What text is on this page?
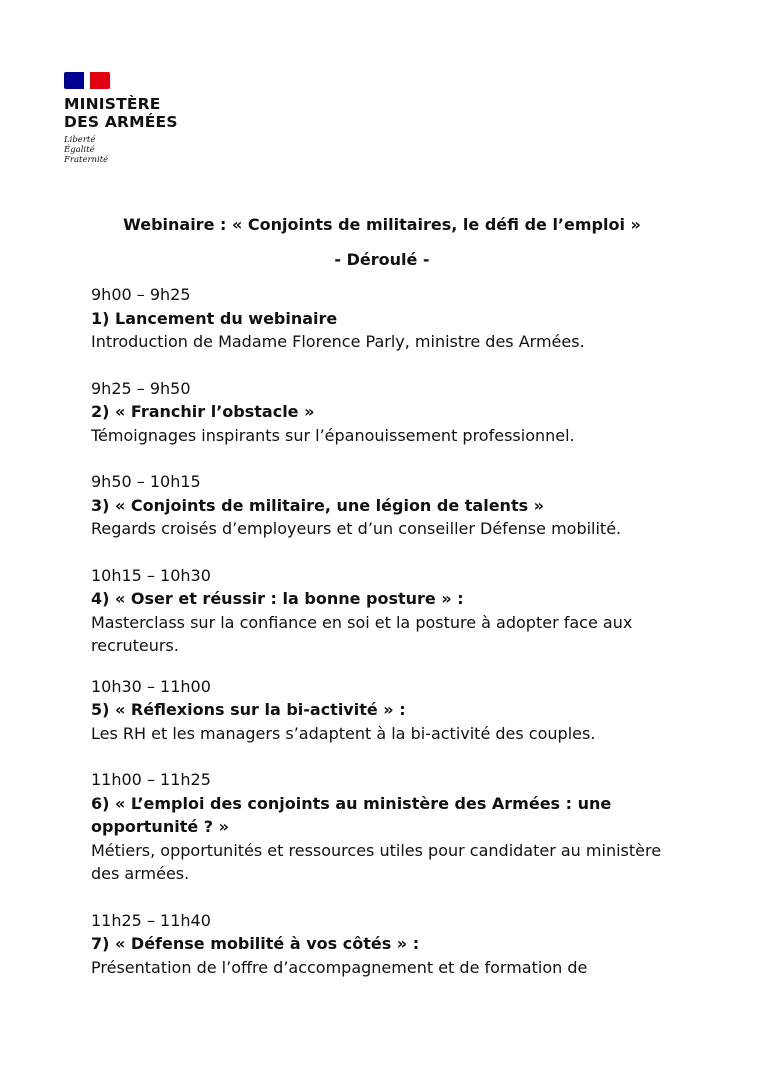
MINISTÈRE
DES ARMÉES
Liberté
Égalité
Fraternité
Webinaire : « Conjoints de militaires, le défi de l’emploi »
- Déroulé -
9h00 – 9h25
1) Lancement du webinaire
Introduction de Madame Florence Parly, ministre des Armées.
9h25 – 9h50
2) « Franchir l’obstacle »
Témoignages inspirants sur l’épanouissement professionnel.
9h50 – 10h15
3) « Conjoints de militaire, une légion de talents »
Regards croisés d’employeurs et d’un conseiller Défense mobilité.
10h15 – 10h30
4) « Oser et réussir : la bonne posture » :
Masterclass sur la confiance en soi et la posture à adopter face aux recruteurs.
10h30 – 11h00
5) « Réflexions sur la bi-activité » :
Les RH et les managers s’adaptent à la bi-activité des couples.
11h00 – 11h25
6) « L’emploi des conjoints au ministère des Armées : une opportunité ? »
Métiers, opportunités et ressources utiles pour candidater au ministère des armées.
11h25 – 11h40
7) « Défense mobilité à vos côtés » :
Présentation de l’offre d’accompagnement et de formation de
